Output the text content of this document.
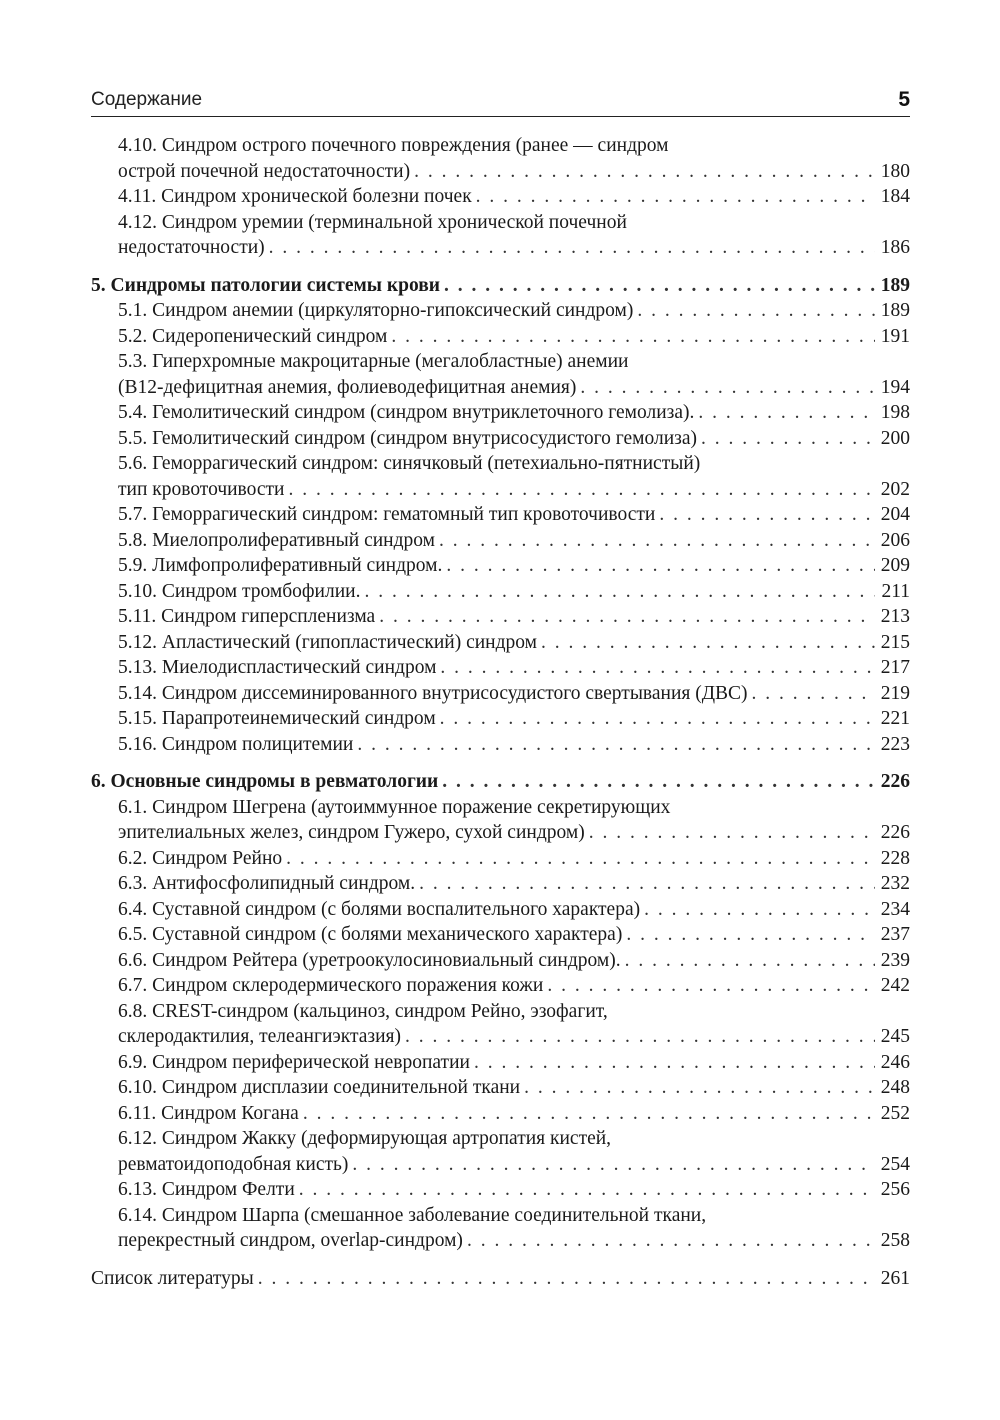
Содержание	5
4.10. Синдром острого почечного повреждения (ранее — синдром
острой почечной недостаточности) . . .	180
4.11. Синдром хронической болезни почек . . .	184
4.12. Синдром уремии (терминальной хронической почечной
недостаточности) . . .	186
5. Синдромы патологии системы крови . . .	189
5.1. Синдром анемии (циркуляторно-гипоксический синдром) . . .	189
5.2. Сидеропенический синдром . . .	191
5.3. Гиперхромные макроцитарные (мегалобластные) анемии
(В12-дефицитная анемия, фолиеводефицитная анемия) . . .	194
5.4. Гемолитический синдром (синдром внутриклеточного гемолиза). . . .	198
5.5. Гемолитический синдром (синдром внутрисосудистого гемолиза) . . .	200
5.6. Геморрагический синдром: синячковый (петехиально-пятнистый)
тип кровоточивости . . .	202
5.7. Геморрагический синдром: гематомный тип кровоточивости . . .	204
5.8. Миелопролиферативный синдром . . .	206
5.9. Лимфопролиферативный синдром. . . .	209
5.10. Синдром тромбофилии. . . .	211
5.11. Синдром гиперспленизма . . .	213
5.12. Апластический (гипопластический) синдром . . .	215
5.13. Миелодиспластический синдром . . .	217
5.14. Синдром диссеминированного внутрисосудистого свертывания (ДВС) . . .	219
5.15. Парапротеинемический синдром . . .	221
5.16. Синдром полицитемии . . .	223
6. Основные синдромы в ревматологии . . .	226
6.1. Синдром Шегрена (аутоиммунное поражение секретирующих
эпителиальных желез, синдром Гужеро, сухой синдром) . . .	226
6.2. Синдром Рейно . . .	228
6.3. Антифосфолипидный синдром. . . .	232
6.4. Суставной синдром (с болями воспалительного характера) . . .	234
6.5. Суставной синдром (с болями механического характера) . . .	237
6.6. Синдром Рейтера (уретроокулосиновиальный синдром). . . .	239
6.7. Синдром склеродермического поражения кожи . . .	242
6.8. CREST-синдром (кальциноз, синдром Рейно, эзофагит,
склеродактилия, телеангиэктазия) . . .	245
6.9. Синдром периферической невропатии . . .	246
6.10. Синдром дисплазии соединительной ткани . . .	248
6.11. Синдром Когана . . .	252
6.12. Синдром Жакку (деформирующая артропатия кистей,
ревматоидоподобная кисть) . . .	254
6.13. Синдром Фелти . . .	256
6.14. Синдром Шарпа (смешанное заболевание соединительной ткани,
перекрестный синдром, overlap-синдром) . . .	258
Список литературы . . .	261
